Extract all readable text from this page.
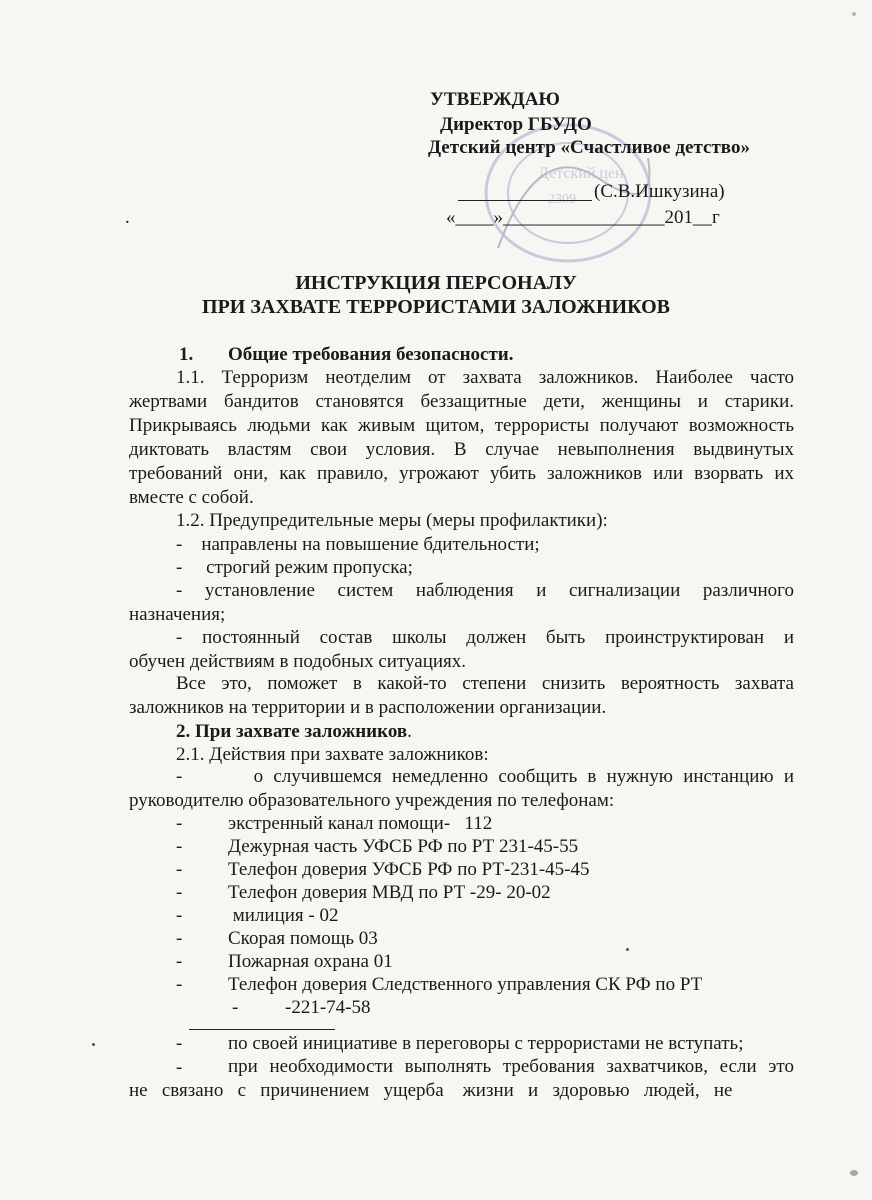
Детский цен
2309
УТВЕРЖДАЮ
Директор ГБУДО
Детский центр «Счастливое детство»
(С.В.Ишкузина)
.	«____»_________________201__г
ИНСТРУКЦИЯ ПЕРСОНАЛУ
ПРИ ЗАХВАТЕ ТЕРРОРИСТАМИ ЗАЛОЖНИКОВ
1. Общие требования безопасности.
1.1. Терроризм неотделим от захвата заложников. Наиболее часто
жертвами бандитов становятся беззащитные дети, женщины и старики.
Прикрываясь людьми как живым щитом, террористы получают возможность
диктовать властям свои условия. В случае невыполнения выдвинутых
требований они, как правило, угрожают убить заложников или взорвать их
вместе с собой.
1.2. Предупредительные меры (меры профилактики):
-    направлены на повышение бдительности;
-     строгий режим пропуска;
- установление систем наблюдения и сигнализации различного
назначения;
- постоянный состав школы должен быть проинструктирован и
обучен действиям в подобных ситуациях.
Все это, поможет в какой-то степени снизить вероятность захвата
заложников на территории и в расположении организации.
2. При захвате заложников.
2.1. Действия при захвате заложников:
-       о случившемся немедленно сообщить в нужную инстанцию и
руководителю образовательного учреждения по телефонам:
- экстренный канал помощи-   112
- Дежурная часть УФСБ РФ по РТ 231-45-55
- Телефон доверия УФСБ РФ по РТ-231-45-45
- Телефон доверия МВД по РТ -29- 20-02
- милиция - 02
- Скорая помощь 03
- Пожарная охрана 01
- Телефон доверия Следственного управления СК РФ по РТ
- -221-74-58
- по своей инициативе в переговоры с террористами не вступать;
- при необходимости выполнять требования захватчиков, если это
не   связано   с   причинением   ущерба    жизни   и   здоровью   людей,   не
